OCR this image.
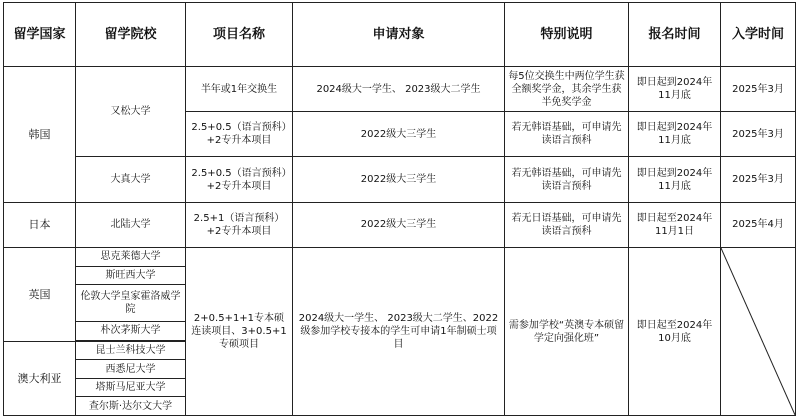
留学国家	留学院校	项目名称	申请对象	特别说明	报名时间	入学时间
韩国	又松大学	半年或1年交换生	2024级大一学生、 2023级大二学生	每5位交换生中两位学生获全额奖学金，其余学生获半免奖学金	即日起到2024年11月底	2025年3月
		2.5+0.5（语言预科）+2专升本项目	2022级大三学生	若无韩语基础，可申请先读语言预科	即日起到2024年11月底	2025年3月
	大真大学	2.5+0.5（语言预科）+2专升本项目	2022级大三学生	若无韩语基础，可申请先读语言预科	即日起到2024年11月底	2025年3月
日本	北陆大学	2.5+1（语言预科）+2专升本项目	2022级大三学生	若无日语基础，可申请先读语言预科	即日起至2024年11月1日	2025年4月
英国	思克莱德大学	2+0.5+1+1专本硕连读项目、3+0.5+1专硕项目	2024级大一学生、 2023级大二学生、2022级参加学校专接本的学生可申请1年制硕士项目	需参加学校“英澳专本硕留学定向强化班”	即日起至2024年10月底	

	斯旺西大学					
	伦敦大学皇家霍洛威学院					
	朴次茅斯大学					

澳大利亚	昆士兰科技大学					
	西悉尼大学					
	塔斯马尼亚大学					
	查尔斯·达尔文大学					
